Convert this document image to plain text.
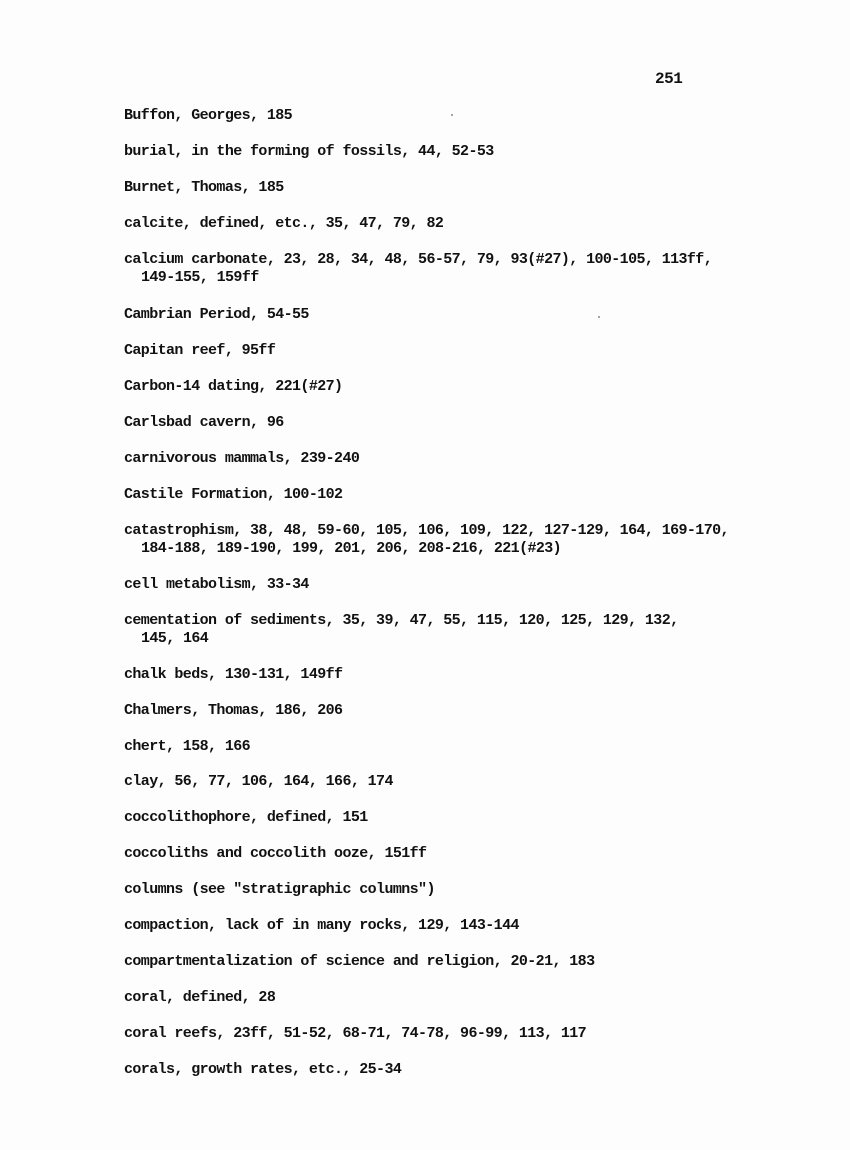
251
Buffon, Georges, 185
burial, in the forming of fossils, 44, 52-53
Burnet, Thomas, 185
calcite, defined, etc., 35, 47, 79, 82
calcium carbonate, 23, 28, 34, 48, 56-57, 79, 93(#27), 100-105, 113ff,
149-155, 159ff
Cambrian Period, 54-55
Capitan reef, 95ff
Carbon-14 dating, 221(#27)
Carlsbad cavern, 96
carnivorous mammals, 239-240
Castile Formation, 100-102
catastrophism, 38, 48, 59-60, 105, 106, 109, 122, 127-129, 164, 169-170,
184-188, 189-190, 199, 201, 206, 208-216, 221(#23)
cell metabolism, 33-34
cementation of sediments, 35, 39, 47, 55, 115, 120, 125, 129, 132,
145, 164
chalk beds, 130-131, 149ff
Chalmers, Thomas, 186, 206
chert, 158, 166
clay, 56, 77, 106, 164, 166, 174
coccolithophore, defined, 151
coccoliths and coccolith ooze, 151ff
columns (see "stratigraphic columns")
compaction, lack of in many rocks, 129, 143-144
compartmentalization of science and religion, 20-21, 183
coral, defined, 28
coral reefs, 23ff, 51-52, 68-71, 74-78, 96-99, 113, 117
corals, growth rates, etc., 25-34
